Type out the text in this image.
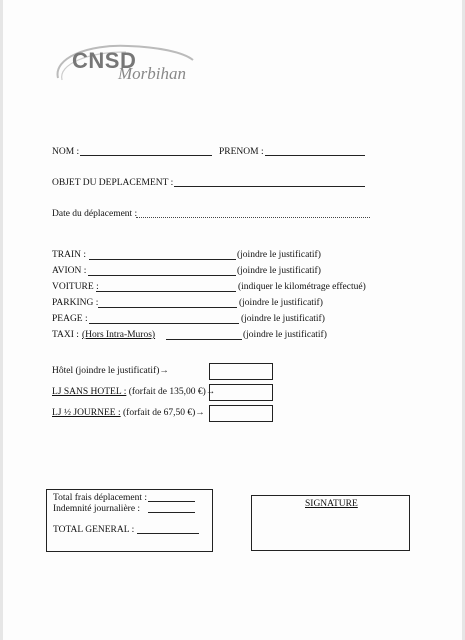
CNSD
Morbihan
NOM :	PRENOM :
OBJET DU DEPLACEMENT :
Date du déplacement :
TRAIN :	(joindre le justificatif)
AVION :	(joindre le justificatif)
VOITURE :	(indiquer le kilométrage effectué)
PARKING :	(joindre le justificatif)
PEAGE :	(joindre le justificatif)
TAXI : (Hors Intra-Muros)	(joindre le justificatif)
Hôtel (joindre le justificatif)→
LJ SANS HOTEL : (forfait de 135,00 €)→
LJ ½ JOURNEE : (forfait de 67,50 €)→
Total frais déplacement :
Indemnité journalière :
TOTAL GENERAL :
SIGNATURE
